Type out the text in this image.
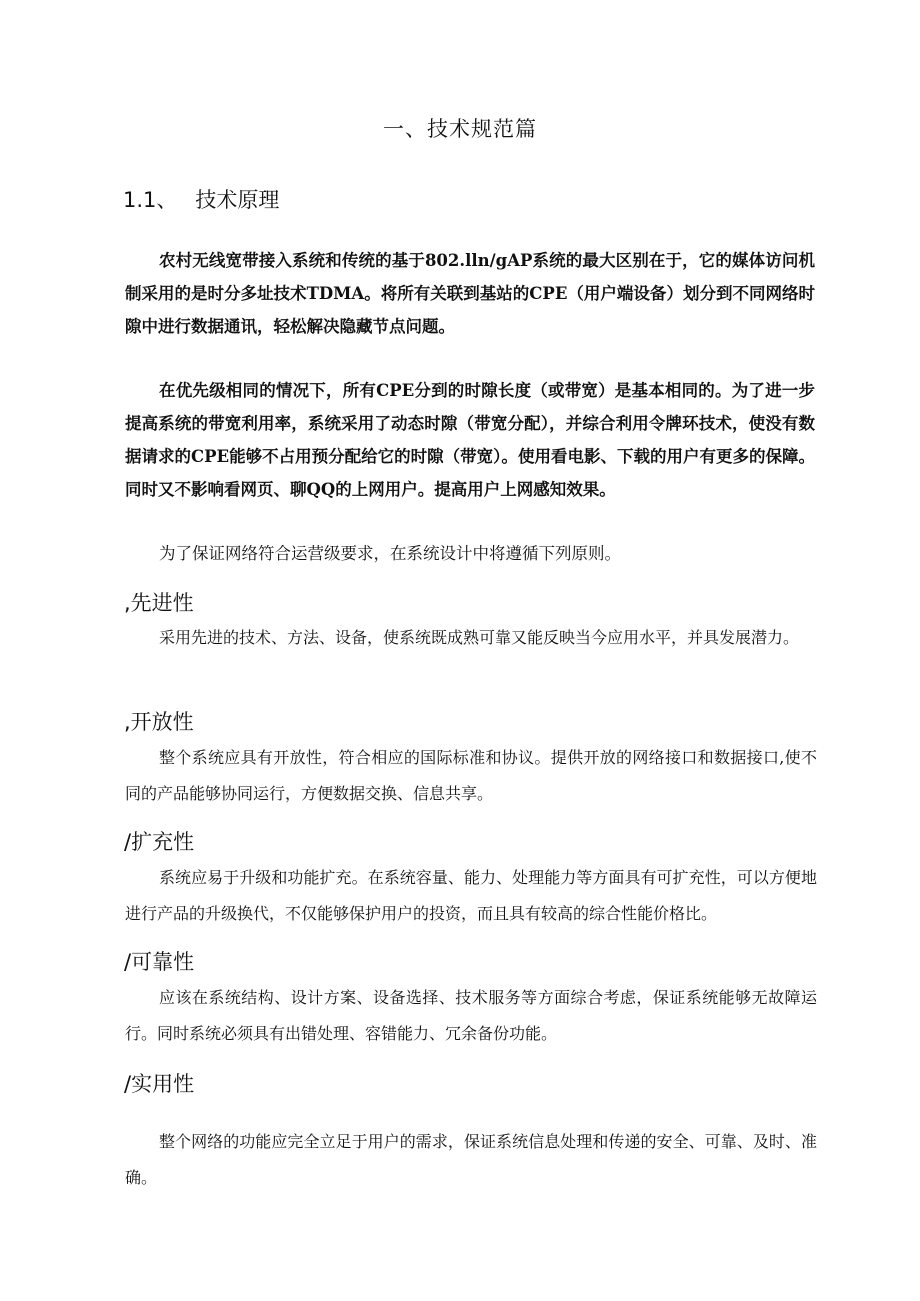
一、技术规范篇
1.1、 技术原理

农村无线宽带接入系统和传统的基于802.lln/gAP系统的最大区别在于，它的媒体访问机制采用的是时分多址技术TDMA。将所有关联到基站的CPE（用户端设备）划分到不同网络时隙中进行数据通讯，轻松解决隐藏节点问题。

在优先级相同的情况下，所有CPE分到的时隙长度（或带宽）是基本相同的。为了进一步提高系统的带宽利用率，系统采用了动态时隙（带宽分配），并综合利用令牌环技术，使没有数据请求的CPE能够不占用预分配给它的时隙（带宽）。使用看电影、下载的用户有更多的保障。同时又不影响看网页、聊QQ的上网用户。提高用户上网感知效果。

为了保证网络符合运营级要求，在系统设计中将遵循下列原则。

,先进性

采用先进的技术、方法、设备，使系统既成熟可靠又能反映当今应用水平，并具发展潜力。

,开放性

整个系统应具有开放性，符合相应的国际标准和协议。提供开放的网络接口和数据接口,使不同的产品能够协同运行，方便数据交换、信息共享。

/扩充性

系统应易于升级和功能扩充。在系统容量、能力、处理能力等方面具有可扩充性，可以方便地进行产品的升级换代，不仅能够保护用户的投资，而且具有较高的综合性能价格比。

/可靠性

应该在系统结构、设计方案、设备选择、技术服务等方面综合考虑，保证系统能够无故障运行。同时系统必须具有出错处理、容错能力、冗余备份功能。

/实用性

整个网络的功能应完全立足于用户的需求，保证系统信息处理和传递的安全、可靠、及时、准确。
